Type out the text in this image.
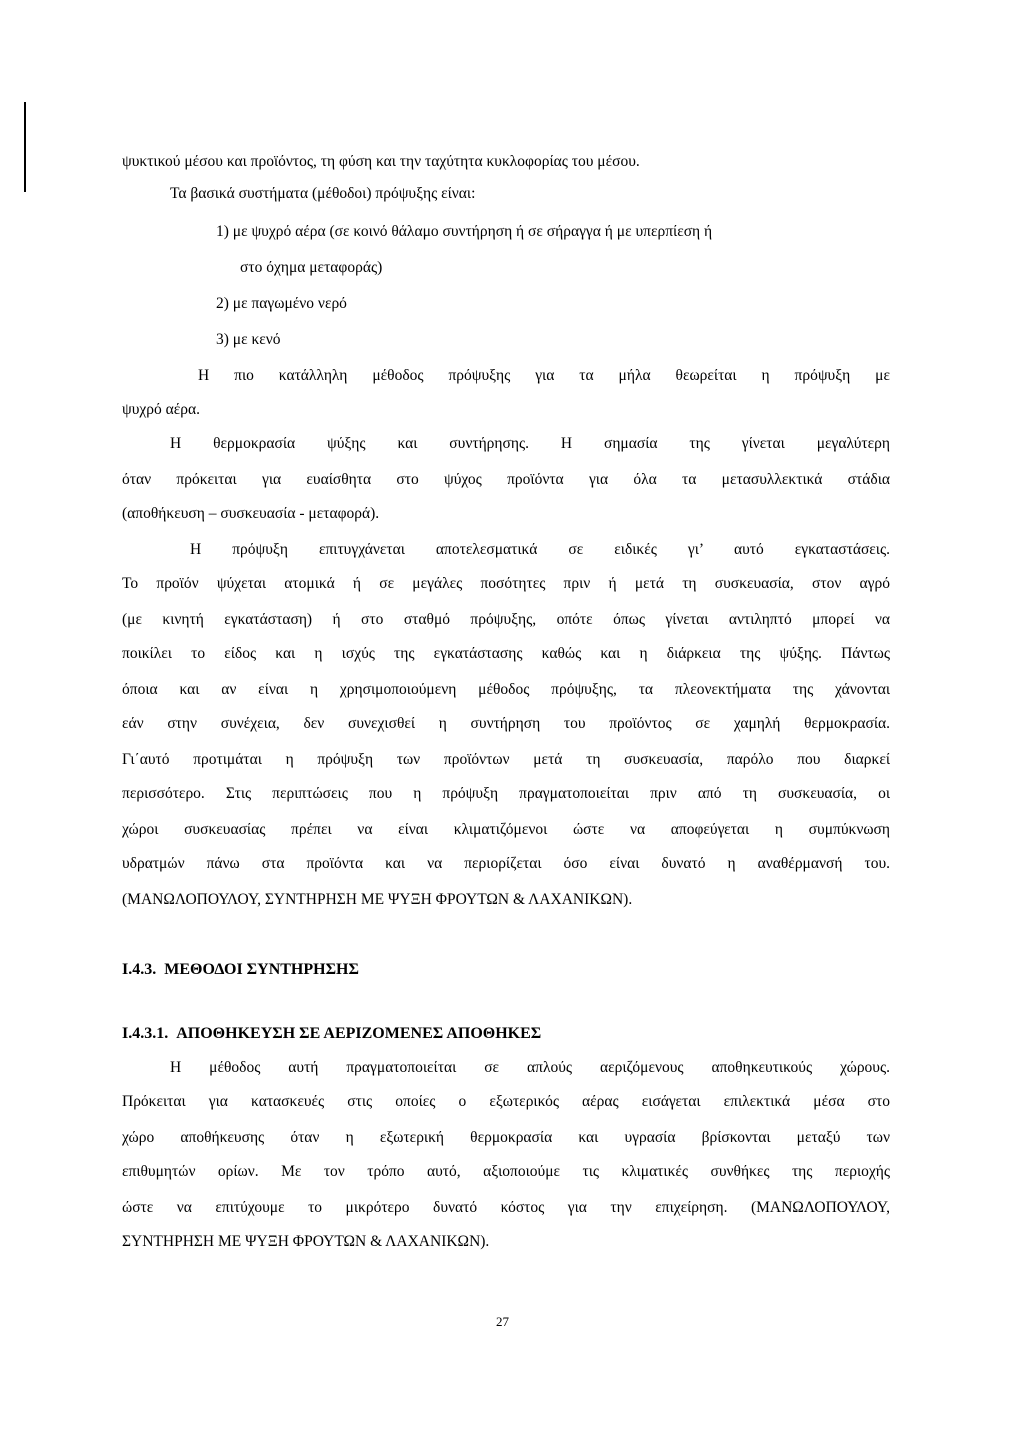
ψυκτικού μέσου και προϊόντος, τη φύση και την ταχύτητα κυκλοφορίας του μέσου.
Τα βασικά συστήματα (μέθοδοι) πρόψυξης είναι:
1) με ψυχρό αέρα (σε κοινό θάλαμο συντήρηση ή σε σήραγγα ή με υπερπίεση ή
στο όχημα μεταφοράς)
2) με παγωμένο νερό
3) με κενό
Η πιο κατάλληλη μέθοδος πρόψυξης για τα μήλα θεωρείται η πρόψυξη με
ψυχρό αέρα.
Η θερμοκρασία ψύξης και συντήρησης. Η σημασία της γίνεται μεγαλύτερη
όταν πρόκειται για ευαίσθητα στο ψύχος προϊόντα για όλα τα μετασυλλεκτικά στάδια
(αποθήκευση – συσκευασία - μεταφορά).
Η πρόψυξη επιτυγχάνεται αποτελεσματικά σε ειδικές γι’ αυτό εγκαταστάσεις.
Το προϊόν ψύχεται ατομικά ή σε μεγάλες ποσότητες πριν ή μετά τη συσκευασία, στον αγρό
(με κινητή εγκατάσταση) ή στο σταθμό πρόψυξης, οπότε όπως γίνεται αντιληπτό μπορεί να
ποικίλει το είδος και η ισχύς της εγκατάστασης καθώς και η διάρκεια της ψύξης. Πάντως
όποια και αν είναι η χρησιμοποιούμενη μέθοδος πρόψυξης, τα πλεονεκτήματα της χάνονται
εάν στην συνέχεια, δεν συνεχισθεί η συντήρηση του προϊόντος σε χαμηλή θερμοκρασία.
Γι΄αυτό προτιμάται η πρόψυξη των προϊόντων μετά τη συσκευασία, παρόλο που διαρκεί
περισσότερο. Στις περιπτώσεις που η πρόψυξη πραγματοποιείται πριν από τη συσκευασία, οι
χώροι συσκευασίας πρέπει να είναι κλιματιζόμενοι ώστε να αποφεύγεται η συμπύκνωση
υδρατμών πάνω στα προϊόντα και να περιορίζεται όσο είναι δυνατό η αναθέρμανσή του.
(ΜΑΝΩΛΟΠΟΥΛΟΥ, ΣΥΝΤΗΡΗΣΗ ΜΕ ΨΥΞΗ ΦΡΟΥΤΩΝ & ΛΑΧΑΝΙΚΩΝ).
I.4.3. ΜΕΘΟΔΟΙ ΣΥΝΤΗΡΗΣΗΣ
I.4.3.1. ΑΠΟΘΗΚΕΥΣΗ ΣΕ ΑΕΡΙΖΟΜΕΝΕΣ ΑΠΟΘΗΚΕΣ
Η μέθοδος αυτή πραγματοποιείται σε απλούς αεριζόμενους αποθηκευτικούς χώρους.
Πρόκειται για κατασκευές στις οποίες ο εξωτερικός αέρας εισάγεται επιλεκτικά μέσα στο
χώρο αποθήκευσης όταν η εξωτερική θερμοκρασία και υγρασία βρίσκονται μεταξύ των
επιθυμητών ορίων. Με τον τρόπο αυτό, αξιοποιούμε τις κλιματικές συνθήκες της περιοχής
ώστε να επιτύχουμε το μικρότερο δυνατό κόστος για την επιχείρηση. (ΜΑΝΩΛΟΠΟΥΛΟΥ,
ΣΥΝΤΗΡΗΣΗ ΜΕ ΨΥΞΗ ΦΡΟΥΤΩΝ & ΛΑΧΑΝΙΚΩΝ).
27
